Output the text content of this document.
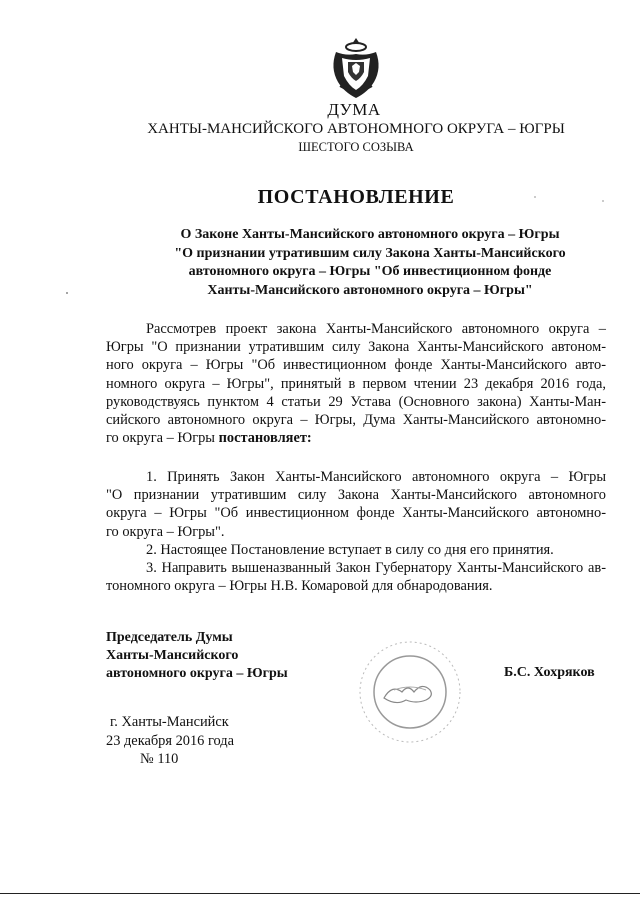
ДУМА
ХАНТЫ-МАНСИЙСКОГО АВТОНОМНОГО ОКРУГА – ЮГРЫ
ШЕСТОГО СОЗЫВА
ПОСТАНОВЛЕНИЕ
О Законе Ханты-Мансийского автономного округа – Югры
"О признании утратившим силу Закона Ханты-Мансийского
автономного округа – Югры "Об инвестиционном фонде
Ханты-Мансийского автономного округа – Югры"
Рассмотрев проект закона Ханты-Мансийского автономного округа –
Югры "О признании утратившим силу Закона Ханты-Мансийского автоном-
ного округа – Югры "Об инвестиционном фонде Ханты-Мансийского авто-
номного округа – Югры", принятый в первом чтении 23 декабря 2016 года,
руководствуясь пунктом 4 статьи 29 Устава (Основного закона) Ханты-Ман-
сийского автономного округа – Югры, Дума Ханты-Мансийского автономно-
го округа – Югры постановляет:
1. Принять Закон Ханты-Мансийского автономного округа – Югры
"О признании утратившим силу Закона Ханты-Мансийского автономного
округа – Югры "Об инвестиционном фонде Ханты-Мансийского автономно-
го округа – Югры".
2. Настоящее Постановление вступает в силу со дня его принятия.
3. Направить вышеназванный Закон Губернатору Ханты-Мансийского ав-
тономного округа – Югры Н.В. Комаровой для обнародования.
Председатель Думы
Ханты-Мансийского
автономного округа – Югры	Б.С. Хохряков
г. Ханты-Мансийск
23 декабря 2016 года
№ 110
